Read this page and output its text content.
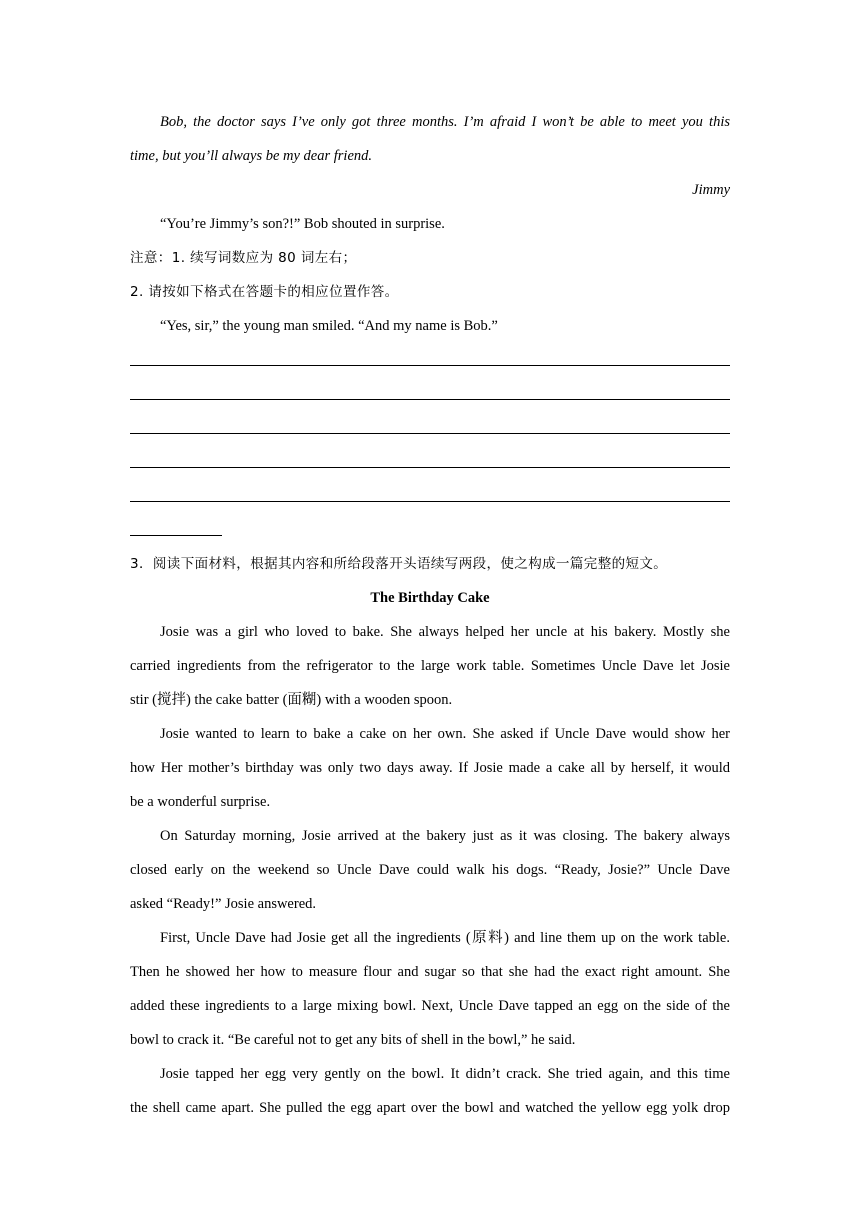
Bob, the doctor says I’ve only got three months. I’m afraid I won’t be able to meet you this
time, but you’ll always be my dear friend.
Jimmy
“You’re Jimmy’s son?!” Bob shouted in surprise.
注意：1. 续写词数应为 80 词左右；
2. 请按如下格式在答题卡的相应位置作答。
“Yes, sir,” the young man smiled. “And my name is Bob.”
3．阅读下面材料，根据其内容和所给段落开头语续写两段，使之构成一篇完整的短文。
The Birthday Cake
Josie was a girl who loved to bake. She always helped her uncle at his bakery. Mostly she
carried ingredients from the refrigerator to the large work table. Sometimes Uncle Dave let Josie
stir (搅拌) the cake batter (面糊) with a wooden spoon.
Josie wanted to learn to bake a cake on her own. She asked if Uncle Dave would show her
how Her mother’s birthday was only two days away. If Josie made a cake all by herself, it would
be a wonderful surprise.
On Saturday morning, Josie arrived at the bakery just as it was closing. The bakery always
closed early on the weekend so Uncle Dave could walk his dogs. “Ready, Josie?” Uncle Dave
asked “Ready!” Josie answered.
First, Uncle Dave had Josie get all the ingredients (原料) and line them up on the work table.
Then he showed her how to measure flour and sugar so that she had the exact right amount. She
added these ingredients to a large mixing bowl. Next, Uncle Dave tapped an egg on the side of the
bowl to crack it. “Be careful not to get any bits of shell in the bowl,” he said.
Josie tapped her egg very gently on the bowl. It didn’t crack. She tried again, and this time
the shell came apart. She pulled the egg apart over the bowl and watched the yellow egg yolk drop
